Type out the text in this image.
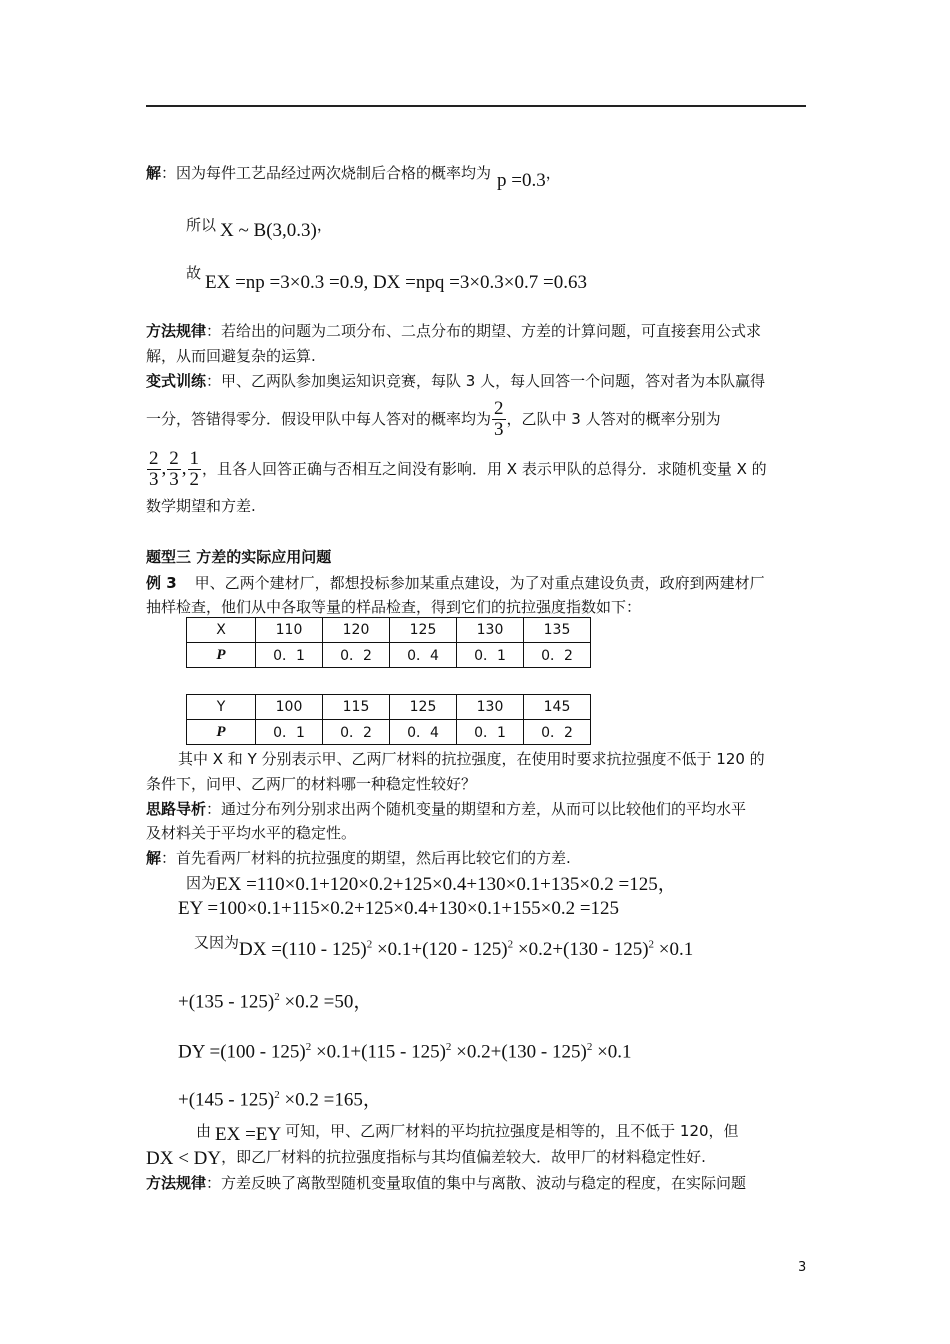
解：因为每件工艺品经过两次烧制后合格的概率均为 p =0.3，
所以 X ~ B(3,0.3)，
故 EX =np =3×0.3 =0.9, DX =npq =3×0.3×0.7 =0.63
方法规律：若给出的问题为二项分布、二点分布的期望、方差的计算问题，可直接套用公式求
解，从而回避复杂的运算.
变式训练：甲、乙两队参加奥运知识竞赛，每队 3 人，每人回答一个问题，答对者为本队赢得
一分，答错得零分．假设甲队中每人答对的概率均为 $\frac{2}{3}$ ，乙队中 3 人答对的概率分别为
$\frac{2}{3}$ , $\frac{2}{3}$ , $\frac{1}{2}$ ，且各人回答正确与否相互之间没有影响．用 X 表示甲队的总得分．求随机变量 X 的
数学期望和方差.
题型三 方差的实际应用问题
例 3 甲、乙两个建材厂，都想投标参加某重点建设，为了对重点建设负责，政府到两建材厂
抽样检查，他们从中各取等量的样品检查，得到它们的抗拉强度指数如下：
X	110	120	125	130	135
P	0．1	0．2	0．4	0．1	0．2
Y	100	115	125	130	145
P	0．1	0．2	0．4	0．1	0．2
其中 X 和 Y 分别表示甲、乙两厂材料的抗拉强度，在使用时要求抗拉强度不低于 120 的
条件下，问甲、乙两厂的材料哪一种稳定性较好？
思路导析：通过分布列分别求出两个随机变量的期望和方差，从而可以比较他们的平均水平
及材料关于平均水平的稳定性。
解：首先看两厂材料的抗拉强度的期望，然后再比较它们的方差.
因为EX =110×0.1+120×0.2+125×0.4+130×0.1+135×0.2 =125，
EY =100×0.1+115×0.2+125×0.4+130×0.1+155×0.2 =125
又因为DX =(110 - 125)$^2$ ×0.1+(120 - 125)$^2$ ×0.2+(130 - 125)$^2$ ×0.1
+(135 - 125)$^2$ ×0.2 =50，
DY =(100 - 125)$^2$ ×0.1+(115 - 125)$^2$ ×0.2+(130 - 125)$^2$ ×0.1
+(145 - 125)$^2$ ×0.2 =165，
由 EX =EY 可知，甲、乙两厂材料的平均抗拉强度是相等的，且不低于 120，但
DX < DY，即乙厂材料的抗拉强度指标与其均值偏差较大．故甲厂的材料稳定性好.
方法规律：方差反映了离散型随机变量取值的集中与离散、波动与稳定的程度，在实际问题
3
